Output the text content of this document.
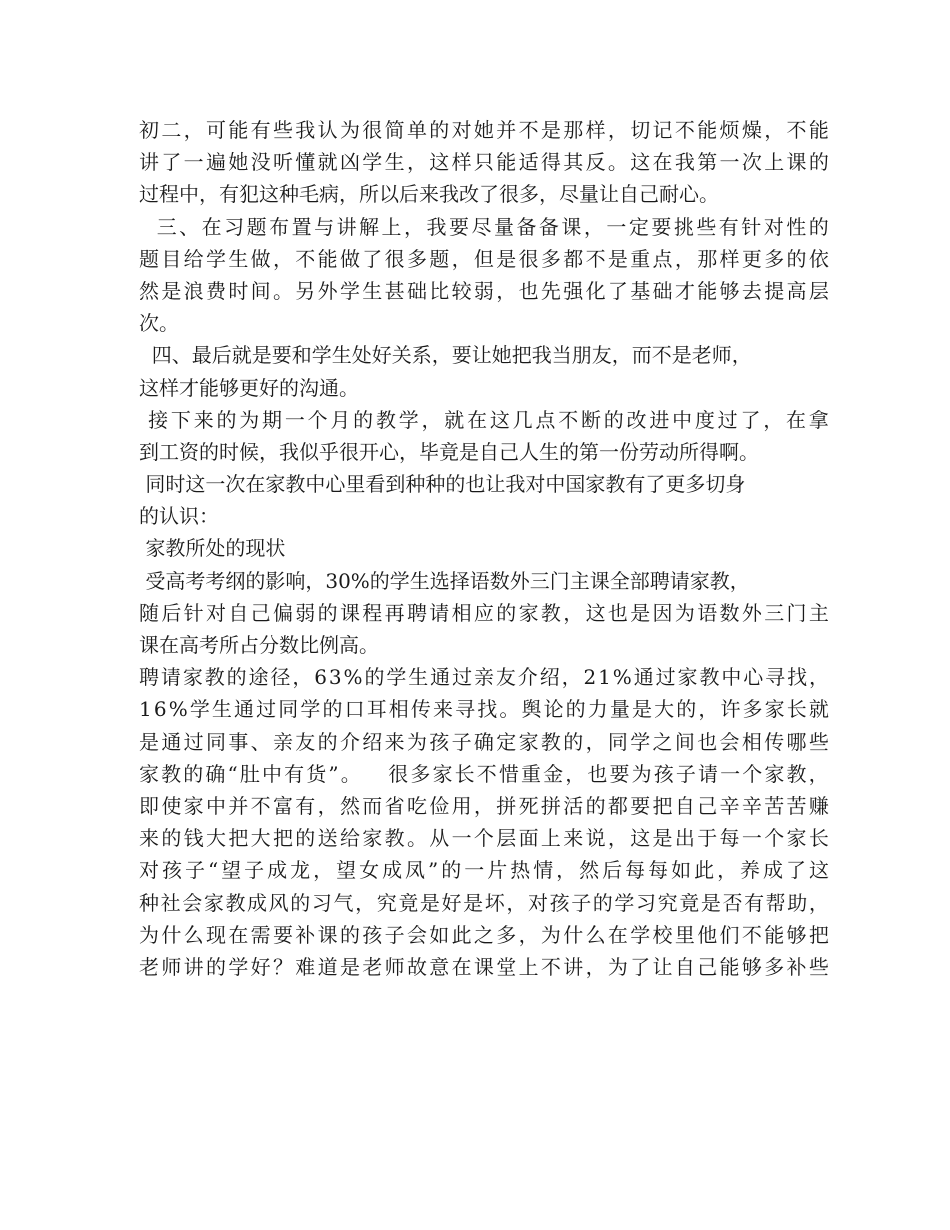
初 二 ， 可 能 有 些 我 认 为 很 简 单 的 对 她 并 不 是 那 样 ， 切 记 不 能 烦 燥 ， 不 能
讲 了 一 遍 她 没 听 懂 就 凶 学 生 ， 这 样 只 能 适 得 其 反 。 这 在 我 第 一 次 上 课 的
过程中，有犯这种毛病，所以后来我改了很多，尽量让自己耐心。

三 、 在 习 题 布 置 与 讲 解 上 ， 我 要 尽 量 备 备 课 ， 一 定 要 挑 些 有 针 对 性 的
题 目 给 学 生 做 ， 不 能 做 了 很 多 题 ， 但 是 很 多 都 不 是 重 点 ， 那 样 更 多 的 依
然 是 浪 费 时 间 。 另 外 学 生 甚 础 比 较 弱 ， 也 先 强 化 了 基 础 才 能 够 去 提 高 层
次。
四、最后就是要和学生处好关系，要让她把我当朋友，而不是老师，
这样才能够更好的沟通。

接 下 来 的 为 期 一 个 月 的 教 学 ， 就 在 这 几 点 不 断 的 改 进 中 度 过 了 ， 在 拿
到工资的时候，我似乎很开心，毕竟是自己人生的第一份劳动所得啊。
同时这一次在家教中心里看到种种的也让我对中国家教有了更多切身
的认识：
家教所处的现状
受高考考纲的影响，30%的学生选择语数外三门主课全部聘请家教，
随 后 针 对 自 己 偏 弱 的 课 程 再 聘 请 相 应 的 家 教 ， 这 也 是 因 为 语 数 外 三 门 主
课在高考所占分数比例高。
聘 请 家 教 的 途 径 ， 6 3 % 的 学 生 通 过 亲 友 介 绍 ， 2 1 % 通 过 家 教 中 心 寻 找 ，
1 6 % 学 生 通 过 同 学 的 口 耳 相 传 来 寻 找 。 舆 论 的 力 量 是 大 的 ， 许 多 家 长 就
是 通 过 同 事 、 亲 友 的 介 绍 来 为 孩 子 确 定 家 教 的 ， 同 学 之 间 也 会 相 传 哪 些
家 教 的 确 “ 肚 中 有 货 ” 。

很 多 家 长 不 惜 重 金 ， 也 要 为 孩 子 请 一 个 家 教 ，
即 使 家 中 并 不 富 有 ， 然 而 省 吃 俭 用 ， 拼 死 拼 活 的 都 要 把 自 己 辛 辛 苦 苦 赚
来 的 钱 大 把 大 把 的 送 给 家 教 。 从 一 个 层 面 上 来 说 ， 这 是 出 于 每 一 个 家 长
对 孩 子 “ 望 子 成 龙 ， 望 女 成 凤 ” 的 一 片 热 情 ， 然 后 每 每 如 此 ， 养 成 了 这
种 社 会 家 教 成 风 的 习 气 ， 究 竟 是 好 是 坏 ， 对 孩 子 的 学 习 究 竟 是 否 有 帮 助 ，
为 什 么 现 在 需 要 补 课 的 孩 子 会 如 此 之 多 ， 为 什 么 在 学 校 里 他 们 不 能 够 把
老 师 讲 的 学 好 ？ 难 道 是 老 师 故 意 在 课 堂 上 不 讲 ， 为 了 让 自 己 能 够 多 补 些
